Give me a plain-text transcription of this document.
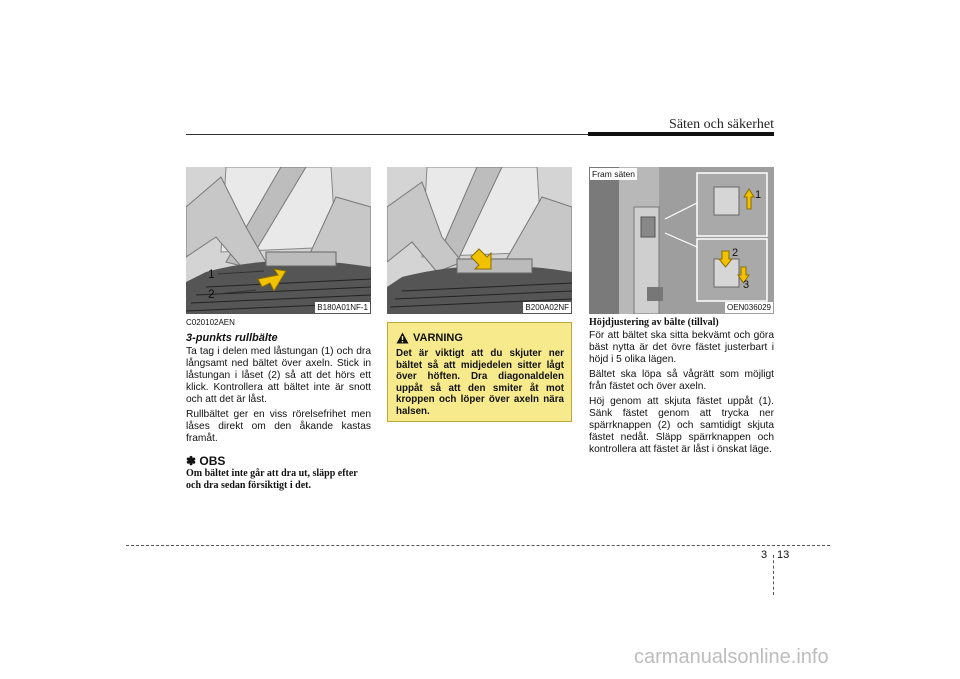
Säten och säkerhet
1
2
B180A01NF-1	B200A02NF
Fram säten
1
2
3
OEN036029
C020102AEN
3-punkts rullbälte

Ta tag i delen med låstungan (1) och dra långsamt ned bältet över axeln. Stick in låstungan i låset (2) så att det hörs ett klick. Kontrollera att bältet inte är snott och att det är låst.

Rullbältet ger en viss rörelsefrihet men låses direkt om den åkande kastas framåt.

✽ OBS
Om bältet inte går att dra ut, släpp efter och dra sedan försiktigt i det.
VARNING
Det är viktigt att du skjuter ner bältet så att midjedelen sitter lågt över höften. Dra diagonaldelen uppåt så att den smiter åt mot kroppen och löper över axeln nära halsen.
Höjdjustering av bälte (tillval)

För att bältet ska sitta bekvämt och göra bäst nytta är det övre fästet justerbart i höjd i 5 olika lägen.

Bältet ska löpa så vågrätt som möjligt från fästet och över axeln.

Höj genom att skjuta fästet uppåt (1). Sänk fästet genom att trycka ner spärrknappen (2) och samtidigt skjuta fästet nedåt. Släpp spärrknappen och kontrollera att fästet är låst i önskat läge.

3 13
carmanualsonline.info
